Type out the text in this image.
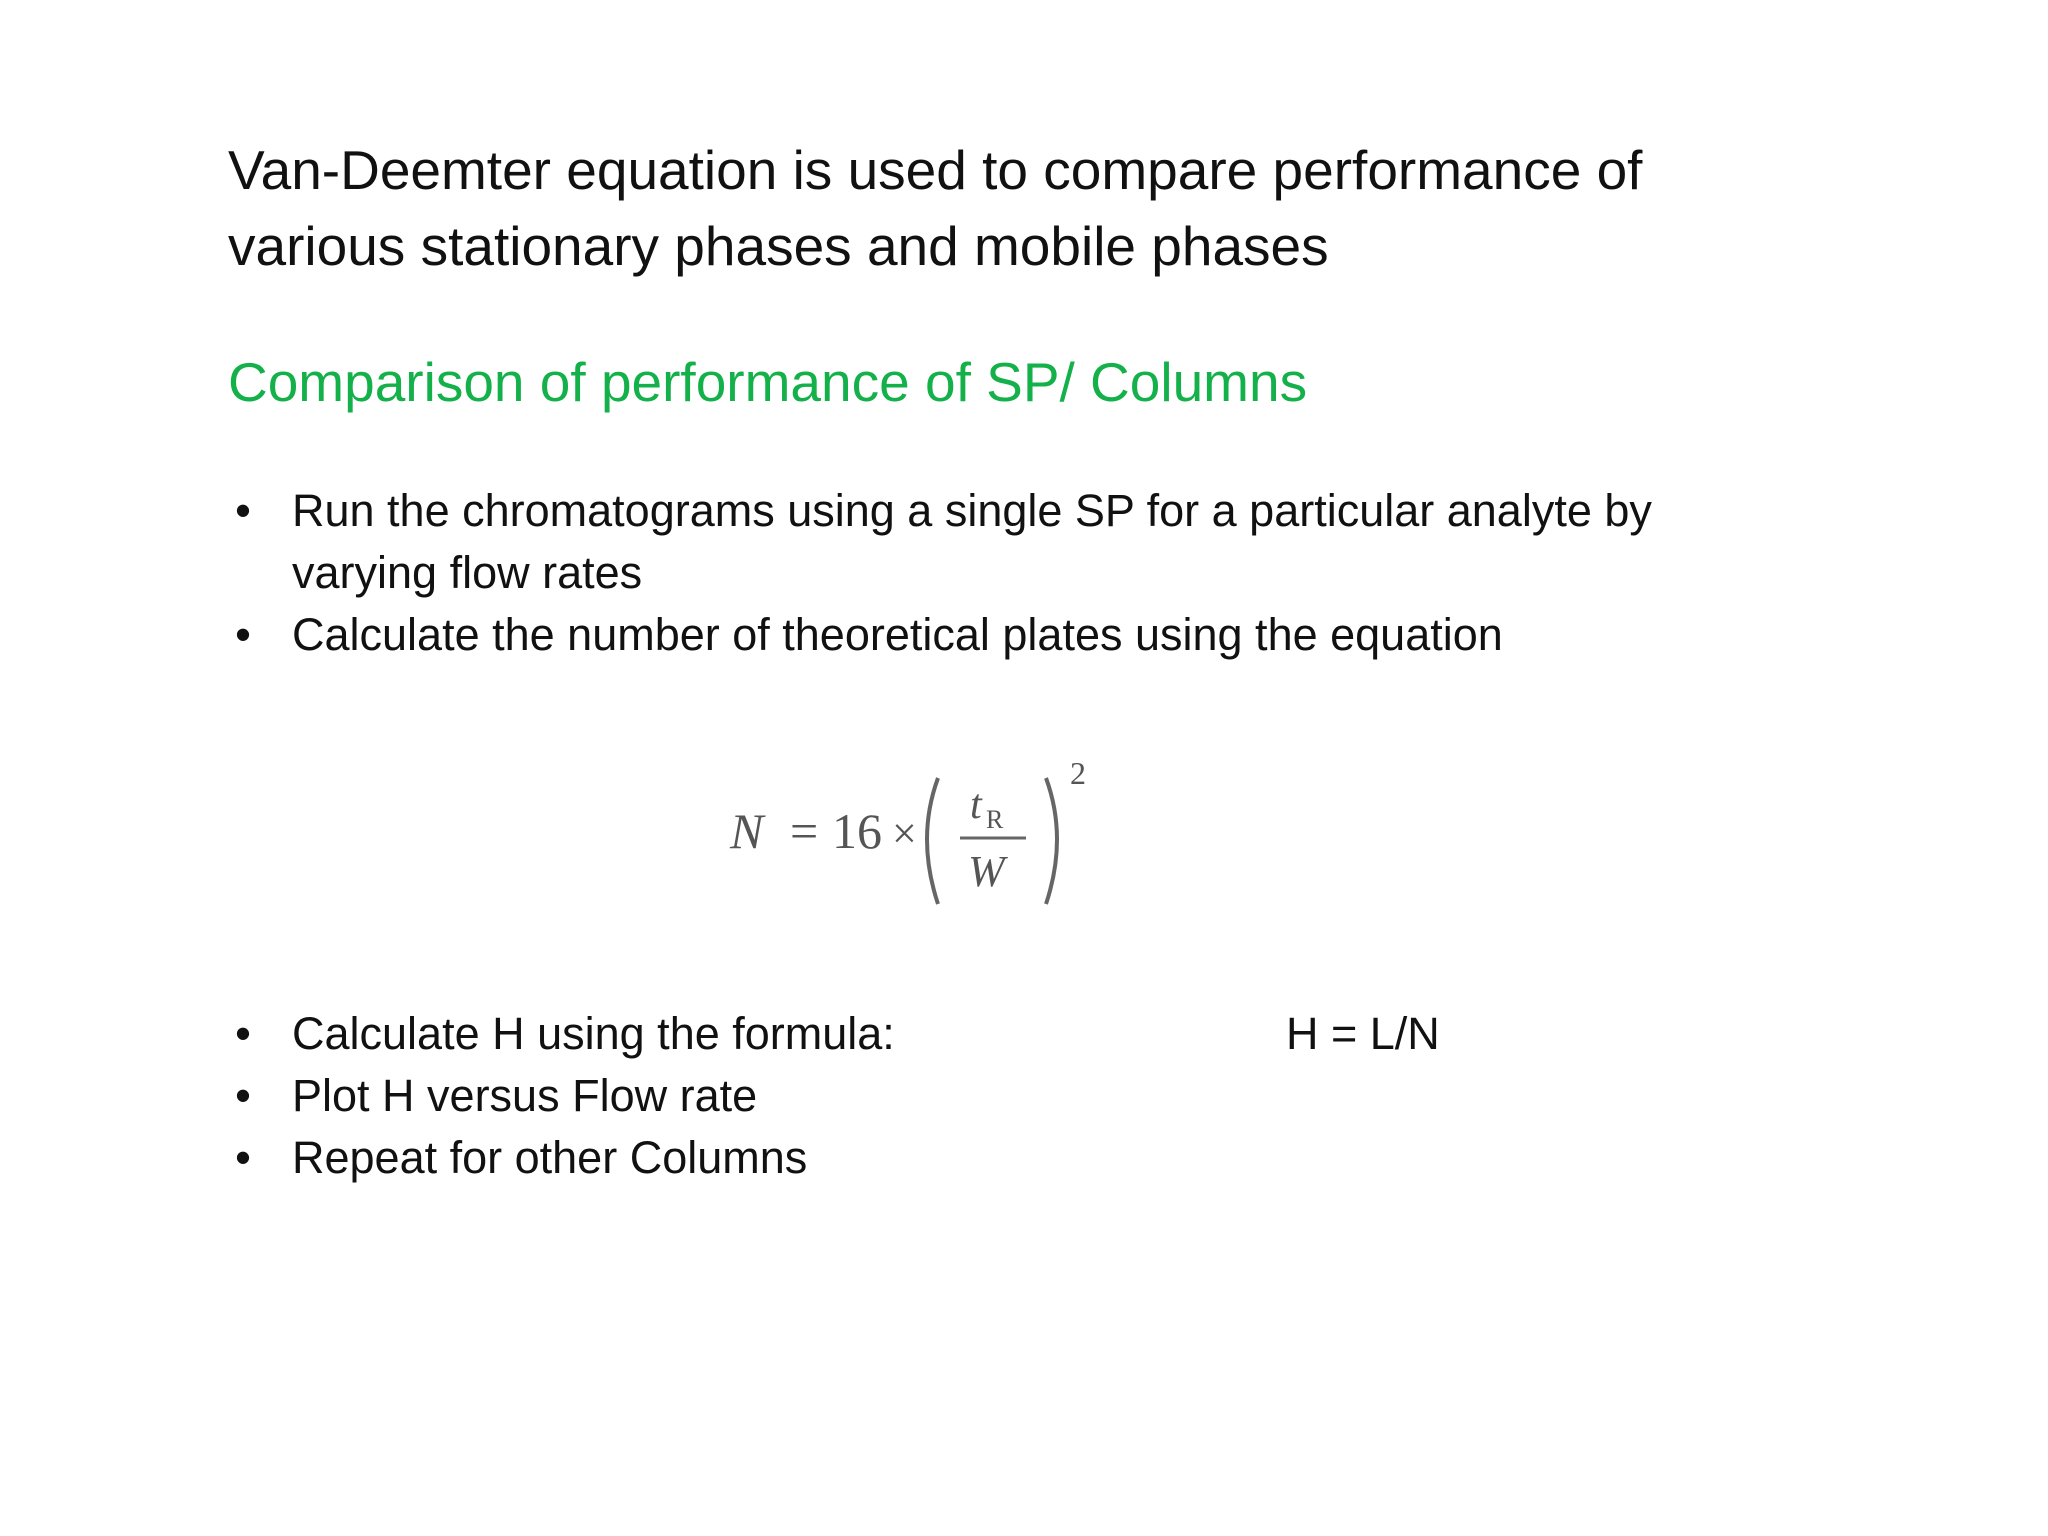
Van-Deemter equation is used to compare performance of various stationary phases and mobile phases
Comparison of performance of SP/ Columns
• Run the chromatograms using a single SP for a particular analyte by varying flow rates
• Calculate the number of theoretical plates using the equation
N = 16 ×
t R
W
2
• Calculate H using the formula:	H = L/N
• Plot H versus Flow rate
• Repeat for other Columns
